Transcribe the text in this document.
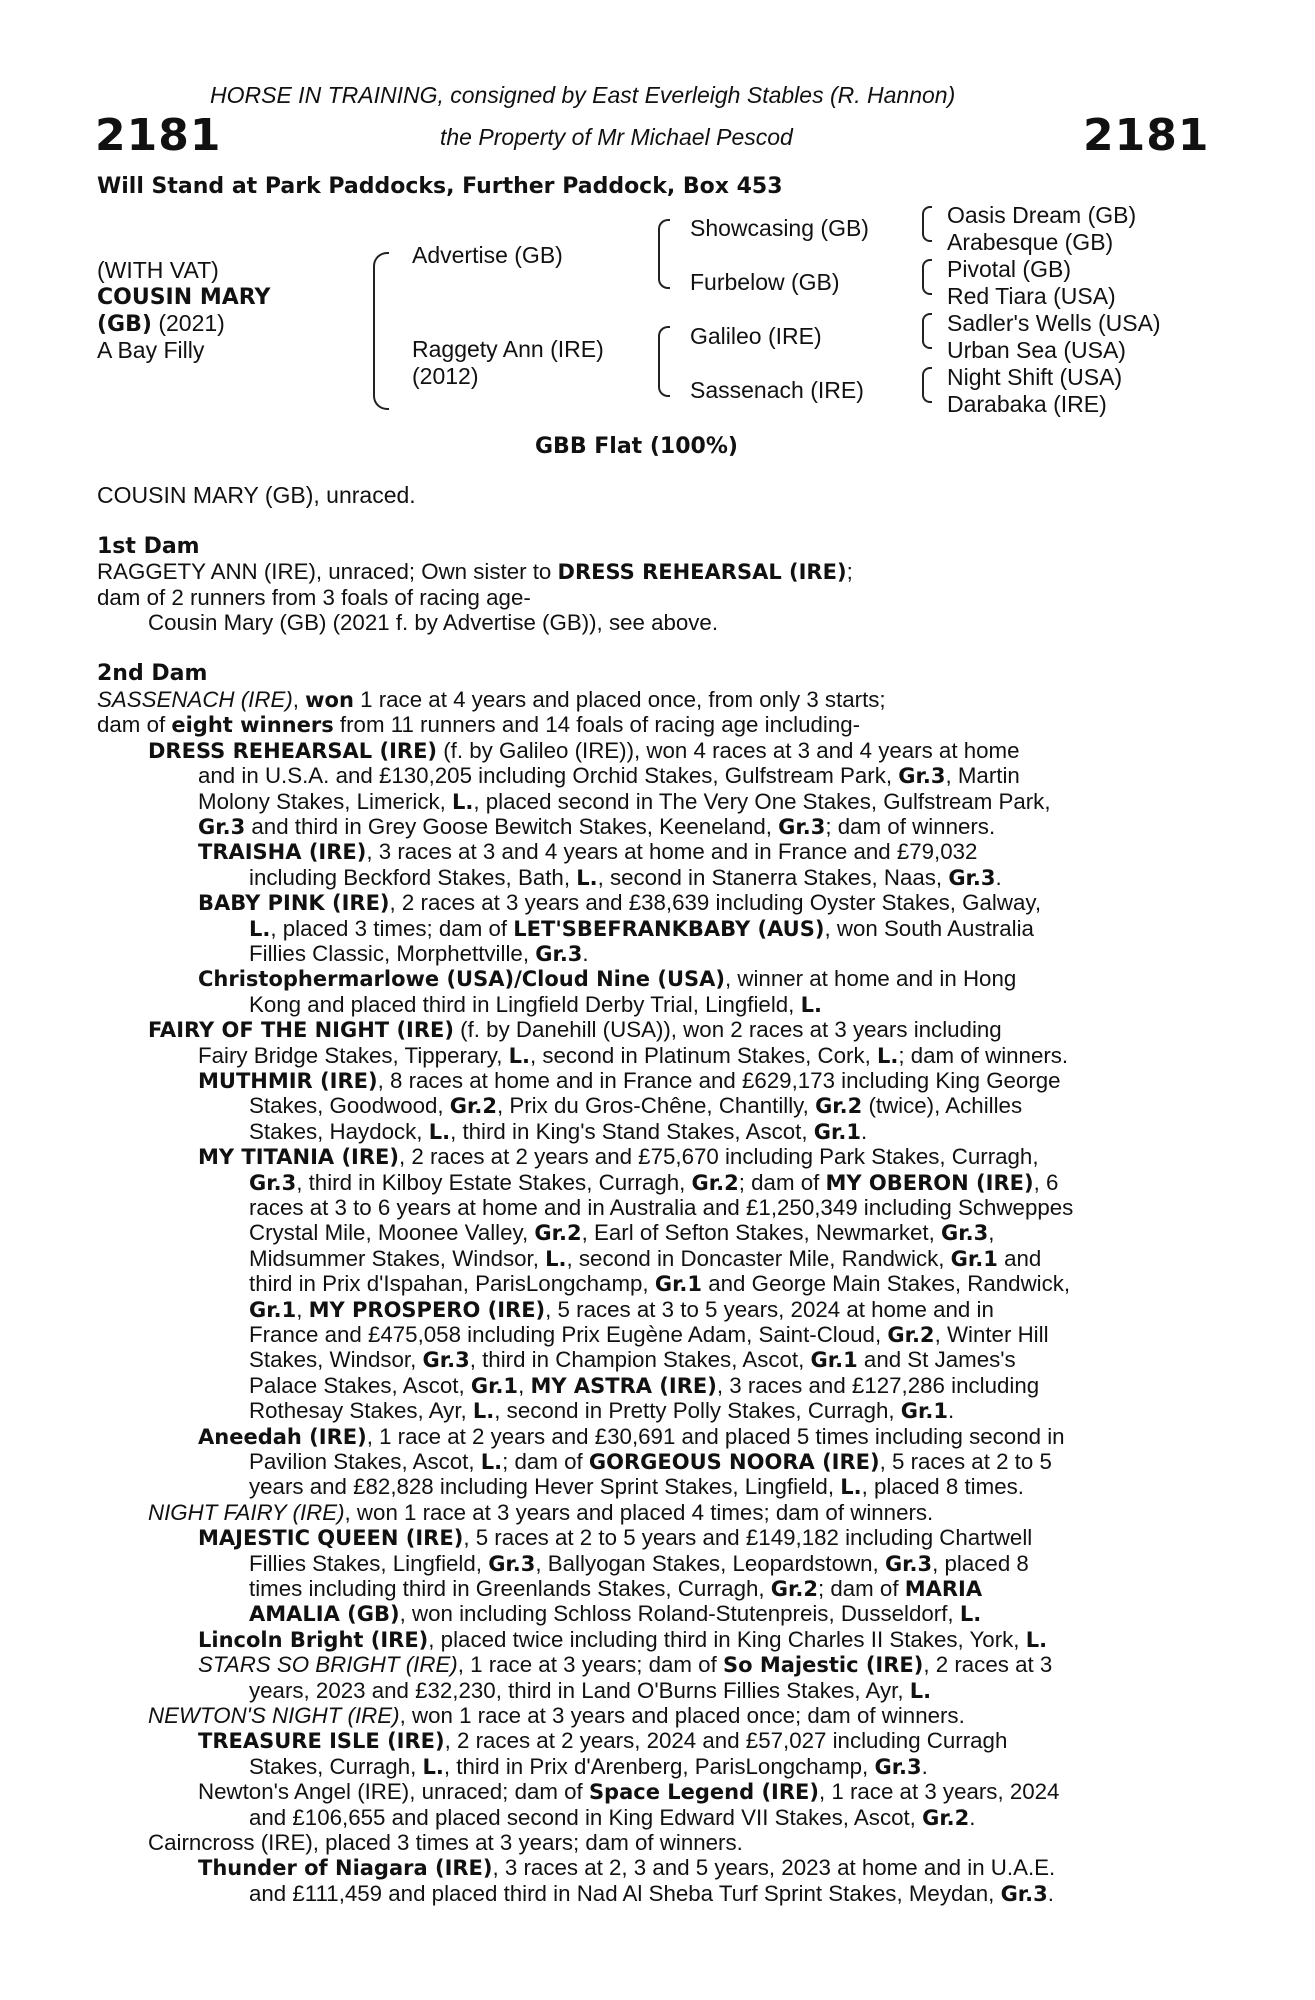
HORSE IN TRAINING, consigned by East Everleigh Stables (R. Hannon)
2181	the Property of Mr Michael Pescod	2181
Will Stand at Park Paddocks, Further Paddock, Box 453
(WITH VAT)
COUSIN MARY
(GB) (2021)
A Bay Filly
Advertise (GB)
Raggety Ann (IRE)
(2012)
Showcasing (GB)
Furbelow (GB)
Galileo (IRE)
Sassenach (IRE)
Oasis Dream (GB)
Arabesque (GB)
Pivotal (GB)
Red Tiara (USA)
Sadler's Wells (USA)
Urban Sea (USA)
Night Shift (USA)
Darabaka (IRE)
GBB Flat (100%)
COUSIN MARY (GB), unraced.
1st Dam
RAGGETY ANN (IRE), unraced; Own sister to DRESS REHEARSAL (IRE);
dam of 2 runners from 3 foals of racing age-
Cousin Mary (GB) (2021 f. by Advertise (GB)), see above.
2nd Dam
SASSENACH (IRE), won 1 race at 4 years and placed once, from only 3 starts;
dam of eight winners from 11 runners and 14 foals of racing age including-
DRESS REHEARSAL (IRE) (f. by Galileo (IRE)), won 4 races at 3 and 4 years at home
and in U.S.A. and £130,205 including Orchid Stakes, Gulfstream Park, Gr.3, Martin
Molony Stakes, Limerick, L., placed second in The Very One Stakes, Gulfstream Park,
Gr.3 and third in Grey Goose Bewitch Stakes, Keeneland, Gr.3; dam of winners.
TRAISHA (IRE), 3 races at 3 and 4 years at home and in France and £79,032
including Beckford Stakes, Bath, L., second in Stanerra Stakes, Naas, Gr.3.
BABY PINK (IRE), 2 races at 3 years and £38,639 including Oyster Stakes, Galway,
L., placed 3 times; dam of LET'SBEFRANKBABY (AUS), won South Australia
Fillies Classic, Morphettville, Gr.3.
Christophermarlowe (USA)/Cloud Nine (USA), winner at home and in Hong
Kong and placed third in Lingfield Derby Trial, Lingfield, L.
FAIRY OF THE NIGHT (IRE) (f. by Danehill (USA)), won 2 races at 3 years including
Fairy Bridge Stakes, Tipperary, L., second in Platinum Stakes, Cork, L.; dam of winners.
MUTHMIR (IRE), 8 races at home and in France and £629,173 including King George
Stakes, Goodwood, Gr.2, Prix du Gros-Chêne, Chantilly, Gr.2 (twice), Achilles
Stakes, Haydock, L., third in King's Stand Stakes, Ascot, Gr.1.
MY TITANIA (IRE), 2 races at 2 years and £75,670 including Park Stakes, Curragh,
Gr.3, third in Kilboy Estate Stakes, Curragh, Gr.2; dam of MY OBERON (IRE), 6
races at 3 to 6 years at home and in Australia and £1,250,349 including Schweppes
Crystal Mile, Moonee Valley, Gr.2, Earl of Sefton Stakes, Newmarket, Gr.3,
Midsummer Stakes, Windsor, L., second in Doncaster Mile, Randwick, Gr.1 and
third in Prix d'Ispahan, ParisLongchamp, Gr.1 and George Main Stakes, Randwick,
Gr.1, MY PROSPERO (IRE), 5 races at 3 to 5 years, 2024 at home and in
France and £475,058 including Prix Eugène Adam, Saint-Cloud, Gr.2, Winter Hill
Stakes, Windsor, Gr.3, third in Champion Stakes, Ascot, Gr.1 and St James's
Palace Stakes, Ascot, Gr.1, MY ASTRA (IRE), 3 races and £127,286 including
Rothesay Stakes, Ayr, L., second in Pretty Polly Stakes, Curragh, Gr.1.
Aneedah (IRE), 1 race at 2 years and £30,691 and placed 5 times including second in
Pavilion Stakes, Ascot, L.; dam of GORGEOUS NOORA (IRE), 5 races at 2 to 5
years and £82,828 including Hever Sprint Stakes, Lingfield, L., placed 8 times.
NIGHT FAIRY (IRE), won 1 race at 3 years and placed 4 times; dam of winners.
MAJESTIC QUEEN (IRE), 5 races at 2 to 5 years and £149,182 including Chartwell
Fillies Stakes, Lingfield, Gr.3, Ballyogan Stakes, Leopardstown, Gr.3, placed 8
times including third in Greenlands Stakes, Curragh, Gr.2; dam of MARIA
AMALIA (GB), won including Schloss Roland-Stutenpreis, Dusseldorf, L.
Lincoln Bright (IRE), placed twice including third in King Charles II Stakes, York, L.
STARS SO BRIGHT (IRE), 1 race at 3 years; dam of So Majestic (IRE), 2 races at 3
years, 2023 and £32,230, third in Land O'Burns Fillies Stakes, Ayr, L.
NEWTON'S NIGHT (IRE), won 1 race at 3 years and placed once; dam of winners.
TREASURE ISLE (IRE), 2 races at 2 years, 2024 and £57,027 including Curragh
Stakes, Curragh, L., third in Prix d'Arenberg, ParisLongchamp, Gr.3.
Newton's Angel (IRE), unraced; dam of Space Legend (IRE), 1 race at 3 years, 2024
and £106,655 and placed second in King Edward VII Stakes, Ascot, Gr.2.
Cairncross (IRE), placed 3 times at 3 years; dam of winners.
Thunder of Niagara (IRE), 3 races at 2, 3 and 5 years, 2023 at home and in U.A.E.
and £111,459 and placed third in Nad Al Sheba Turf Sprint Stakes, Meydan, Gr.3.
